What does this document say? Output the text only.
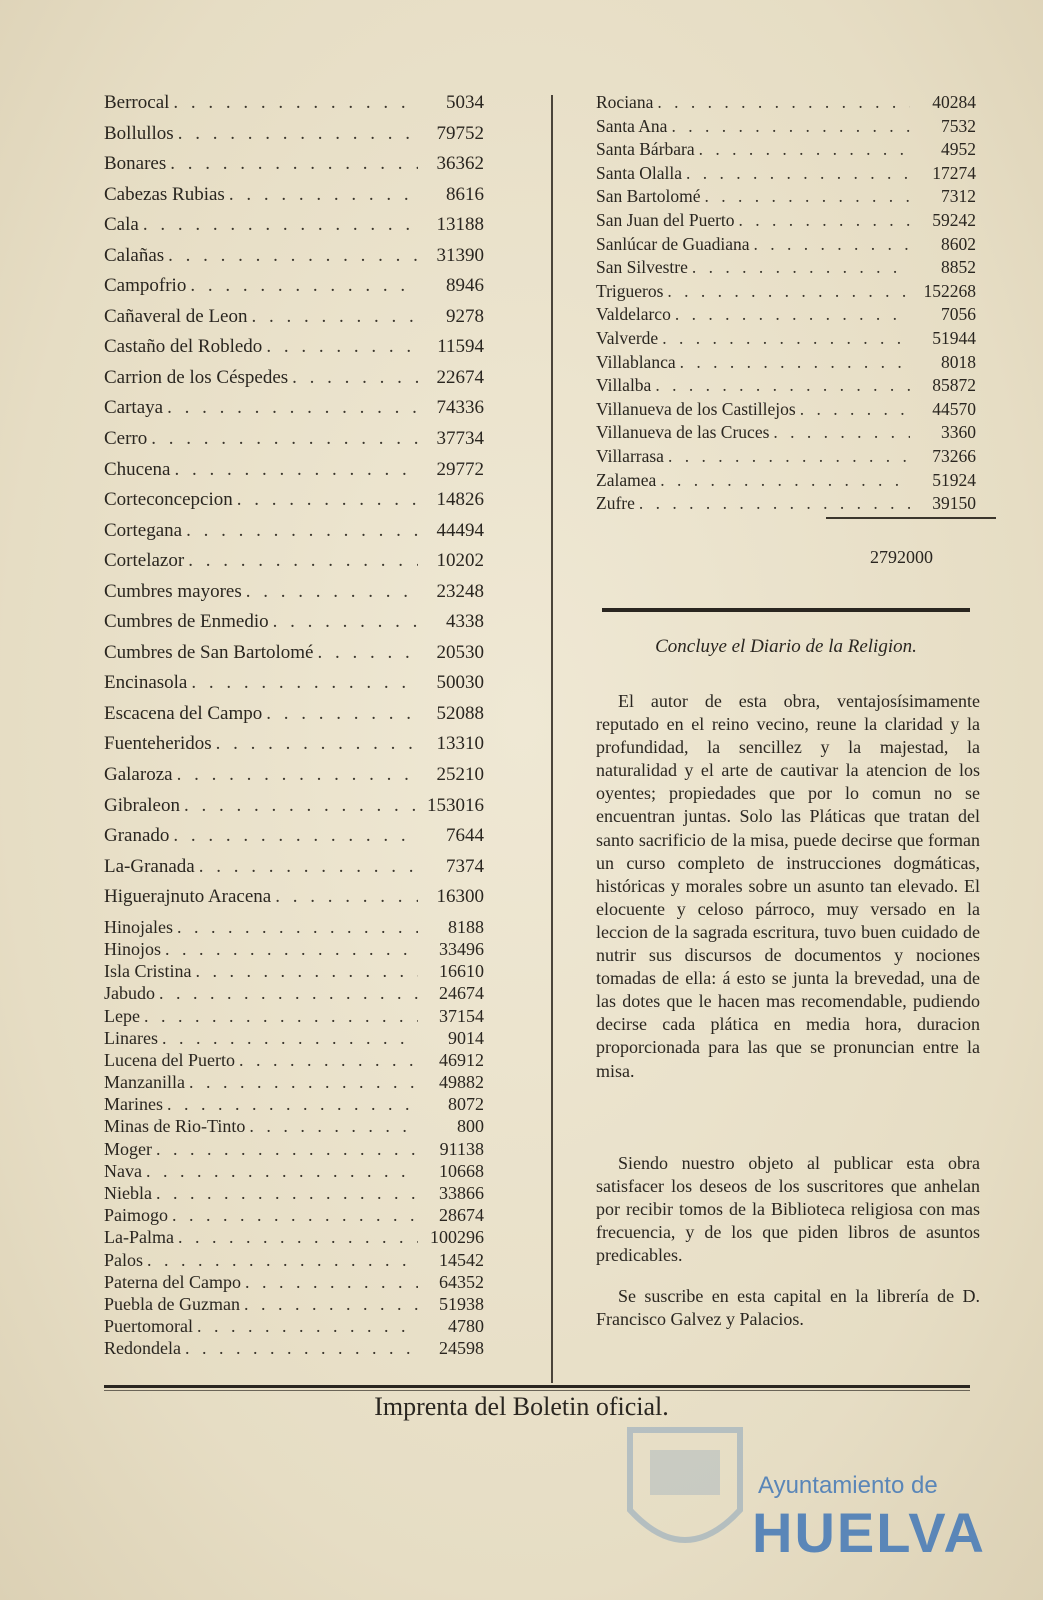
Berrocal . . .	5034
Bollullos . . .	79752
Bonares . . .	36362
Cabezas Rubias . . .	8616
Cala . . .	13188
Calañas . . .	31390
Campofrio . . .	8946
Cañaveral de Leon . . .	9278
Castaño del Robledo . . .	11594
Carrion de los Céspedes . . .	22674
Cartaya . . .	74336
Cerro . . .	37734
Chucena . . .	29772
Corteconcepcion . . .	14826
Cortegana . . .	44494
Cortelazor . . .	10202
Cumbres mayores . . .	23248
Cumbres de Enmedio . . .	4338
Cumbres de San Bartolomé . . .	20530
Encinasola . . .	50030
Escacena del Campo . . .	52088
Fuenteheridos . . .	13310
Galaroza . . .	25210
Gibraleon . . .	153016
Granado . . .	7644
La-Granada . . .	7374
Higuerajnuto Aracena . . .	16300
Hinojales . . .	8188
Hinojos . . .	33496
Isla Cristina . . .	16610
Jabudo . . .	24674
Lepe . . .	37154
Linares . . .	9014
Lucena del Puerto . . .	46912
Manzanilla . . .	49882
Marines . . .	8072
Minas de Rio-Tinto . . .	800
Moger . . .	91138
Nava . . .	10668
Niebla . . .	33866
Paimogo . . .	28674
La-Palma . . .	100296
Palos . . .	14542
Paterna del Campo . . .	64352
Puebla de Guzman . . .	51938
Puertomoral . . .	4780
Redondela . . .	24598
Rociana . . .	40284
Santa Ana . . .	7532
Santa Bárbara . . .	4952
Santa Olalla . . .	17274
San Bartolomé . . .	7312
San Juan del Puerto . . .	59242
Sanlúcar de Guadiana . . .	8602
San Silvestre . . .	8852
Trigueros . . .	152268
Valdelarco . . .	7056
Valverde . . .	51944
Villablanca . . .	8018
Villalba . . .	85872
Villanueva de los Castillejos . . .	44570
Villanueva de las Cruces . . .	3360
Villarrasa . . .	73266
Zalamea . . .	51924
Zufre . . .	39150
2792000
Concluye el Diario de la Religion.

El autor de esta obra, ventajosísimamente reputado en el reino vecino, reune la claridad y la profundidad, la sencillez y la majestad, la naturalidad y el arte de cautivar la atencion de los oyentes; propiedades que por lo comun no se encuentran juntas. Solo las Pláticas que tratan del santo sacrificio de la misa, puede decirse que forman un curso completo de instrucciones dogmáticas, históricas y morales sobre un asunto tan elevado. El elocuente y celoso párroco, muy versado en la leccion de la sagrada escritura, tuvo buen cuidado de nutrir sus discursos de documentos y nociones tomadas de ella: á esto se junta la brevedad, una de las dotes que le hacen mas recomendable, pudiendo decirse cada plática en media hora, duracion proporcionada para las que se pronuncian entre la misa.

Siendo nuestro objeto al publicar esta obra satisfacer los deseos de los suscritores que anhelan por recibir tomos de la Biblioteca religiosa con mas frecuencia, y de los que piden libros de asuntos predicables.

Se suscribe en esta capital en la librería de D. Francisco Galvez y Palacios.

Imprenta del Boletin oficial.
Ayuntamiento de
HUELVA
